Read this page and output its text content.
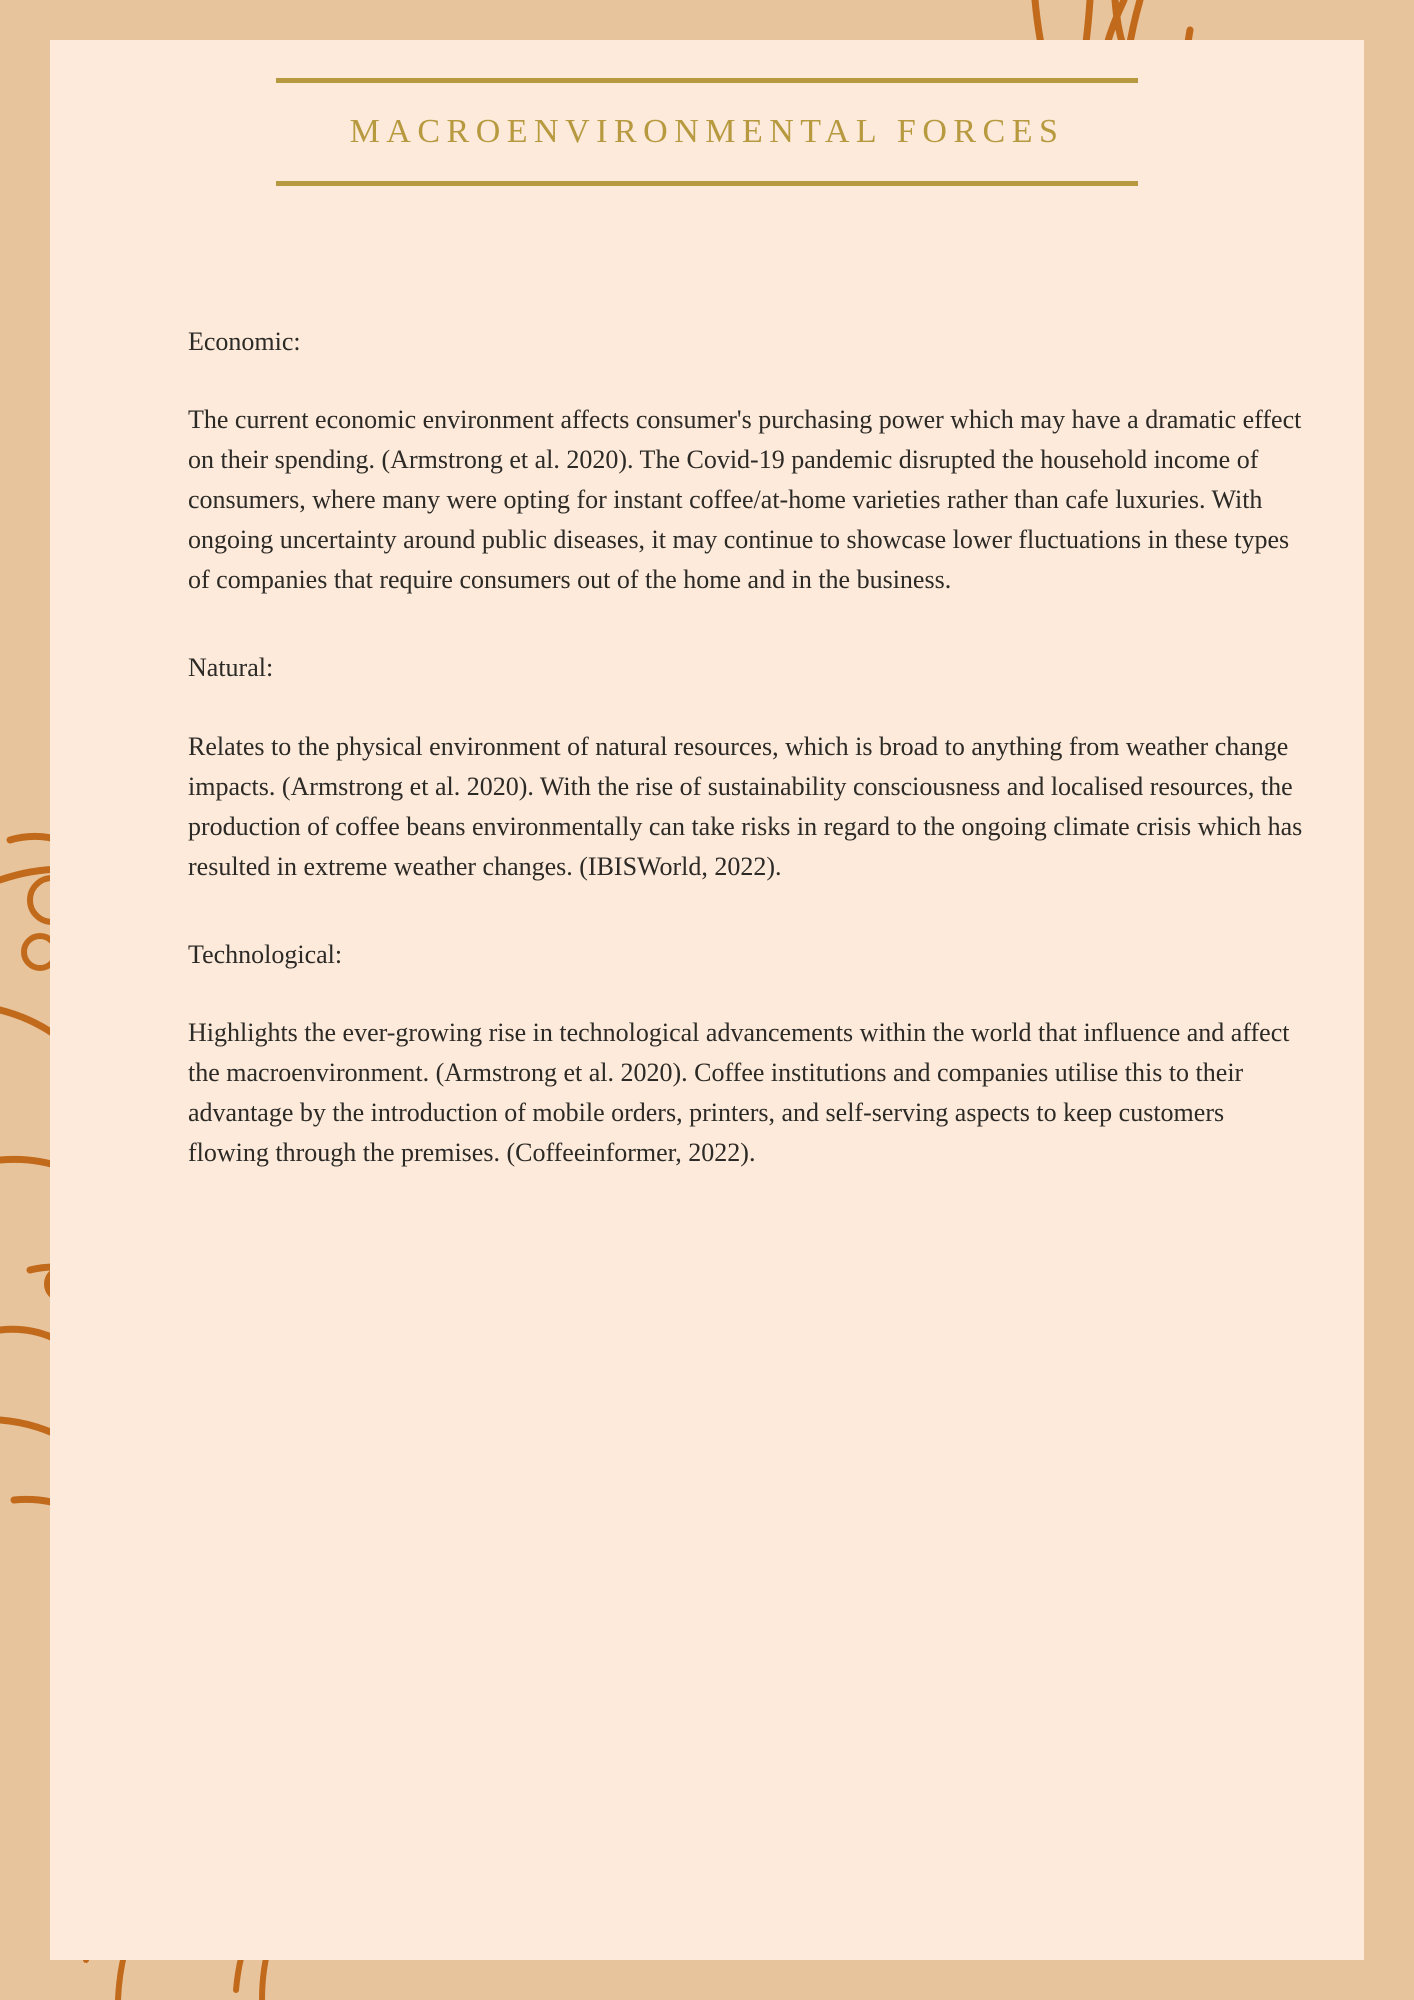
MACROENVIRONMENTAL FORCES

Economic:

The current economic environment affects consumer's purchasing power which may have a dramatic effect on their spending. (Armstrong et al. 2020). The Covid-19 pandemic disrupted the household income of consumers, where many were opting for instant coffee/at-home varieties rather than cafe luxuries. With ongoing uncertainty around public diseases, it may continue to showcase lower fluctuations in these types of companies that require consumers out of the home and in the business.

Natural:

Relates to the physical environment of natural resources, which is broad to anything from weather change impacts. (Armstrong et al. 2020). With the rise of sustainability consciousness and localised resources, the production of coffee beans environmentally can take risks in regard to the ongoing climate crisis which has resulted in extreme weather changes. (IBISWorld, 2022).

Technological:

Highlights the ever-growing rise in technological advancements within the world that influence and affect the macroenvironment. (Armstrong et al. 2020). Coffee institutions and companies utilise this to their advantage by the introduction of mobile orders, printers, and self-serving aspects to keep customers flowing through the premises. (Coffeeinformer, 2022).
